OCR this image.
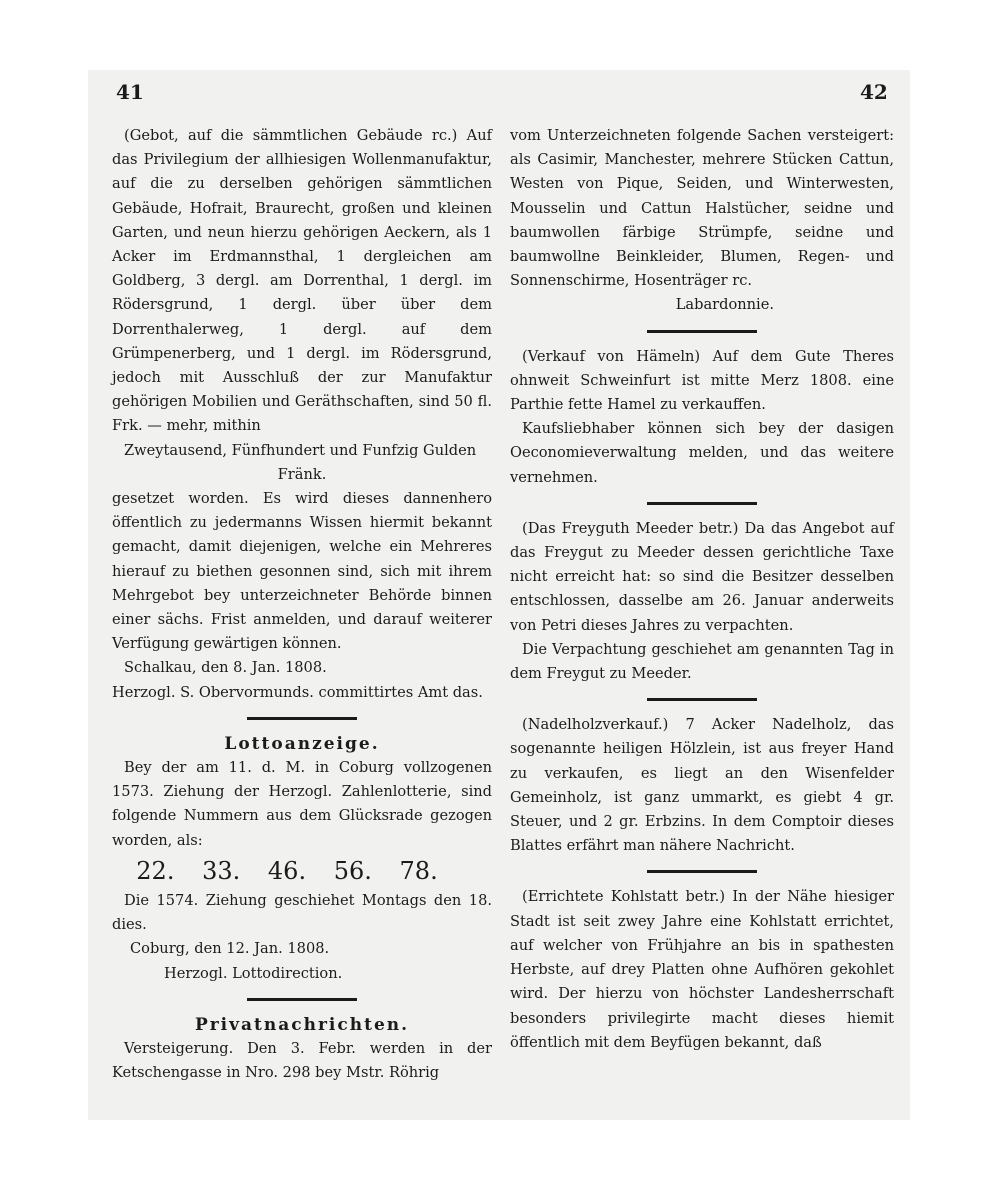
41	42

(Gebot, auf die sämmtlichen Gebäude rc.) Auf das Privilegium der allhiesigen Wollenmanufaktur, auf die zu derselben gehörigen sämmtlichen Gebäude, Hofrait, Braurecht, großen und kleinen Garten, und neun hierzu gehörigen Aeckern, als 1 Acker im Erdmannsthal, 1 dergleichen am Goldberg, 3 dergl. am Dorrenthal, 1 dergl. im Rödersgrund, 1 dergl. über über dem Dorrenthalerweg, 1 dergl. auf dem Grümpenerberg, und 1 dergl. im Rödersgrund, jedoch mit Ausschluß der zur Manufaktur gehörigen Mobilien und Geräthschaften, sind 50 fl. Frk. — mehr, mithin

Zweytausend, Fünfhundert und Funfzig Gulden

Fränk.

gesetzet worden. Es wird dieses dannenhero öffentlich zu jedermanns Wissen hiermit bekannt gemacht, damit diejenigen, welche ein Mehreres hierauf zu biethen gesonnen sind, sich mit ihrem Mehrgebot bey unterzeichneter Behörde binnen einer sächs. Frist anmelden, und darauf weiterer Verfügung gewärtigen können.

Schalkau, den 8. Jan. 1808.

Herzogl. S. Obervormunds. committirtes Amt das.

Lottoanzeige.

Bey der am 11. d. M. in Coburg vollzogenen 1573. Ziehung der Herzogl. Zahlenlotterie, sind folgende Nummern aus dem Glücksrade gezogen worden, als:

22. 33. 46. 56. 78.

Die 1574. Ziehung geschiehet Montags den 18. dies.

Coburg, den 12. Jan. 1808.

Herzogl. Lottodirection.

Privatnachrichten.

Versteigerung. Den 3. Febr. werden in der Ketschengasse in Nro. 298 bey Mstr. Röhrig

vom Unterzeichneten folgende Sachen versteigert: als Casimir, Manchester, mehrere Stücken Cattun, Westen von Pique, Seiden, und Winterwesten, Mousselin und Cattun Halstücher, seidne und baumwollen färbige Strümpfe, seidne und baumwollne Beinkleider, Blumen, Regen- und Sonnenschirme, Hosenträger rc.

Labardonnie.

(Verkauf von Hämeln) Auf dem Gute Theres ohnweit Schweinfurt ist mitte Merz 1808. eine Parthie fette Hamel zu verkauffen.

Kaufsliebhaber können sich bey der dasigen Oeconomieverwaltung melden, und das weitere vernehmen.

(Das Freyguth Meeder betr.) Da das Angebot auf das Freygut zu Meeder dessen gerichtliche Taxe nicht erreicht hat: so sind die Besitzer desselben entschlossen, dasselbe am 26. Januar anderweits von Petri dieses Jahres zu verpachten.

Die Verpachtung geschiehet am genannten Tag in dem Freygut zu Meeder.

(Nadelholzverkauf.) 7 Acker Nadelholz, das sogenannte heiligen Hölzlein, ist aus freyer Hand zu verkaufen, es liegt an den Wisenfelder Gemeinholz, ist ganz ummarkt, es giebt 4 gr. Steuer, und 2 gr. Erbzins. In dem Comptoir dieses Blattes erfährt man nähere Nachricht.

(Errichtete Kohlstatt betr.) In der Nähe hiesiger Stadt ist seit zwey Jahre eine Kohlstatt errichtet, auf welcher von Frühjahre an bis in spathesten Herbste, auf drey Platten ohne Aufhören gekohlet wird. Der hierzu von höchster Landesherrschaft besonders privilegirte macht dieses hiemit öffentlich mit dem Beyfügen bekannt, daß
